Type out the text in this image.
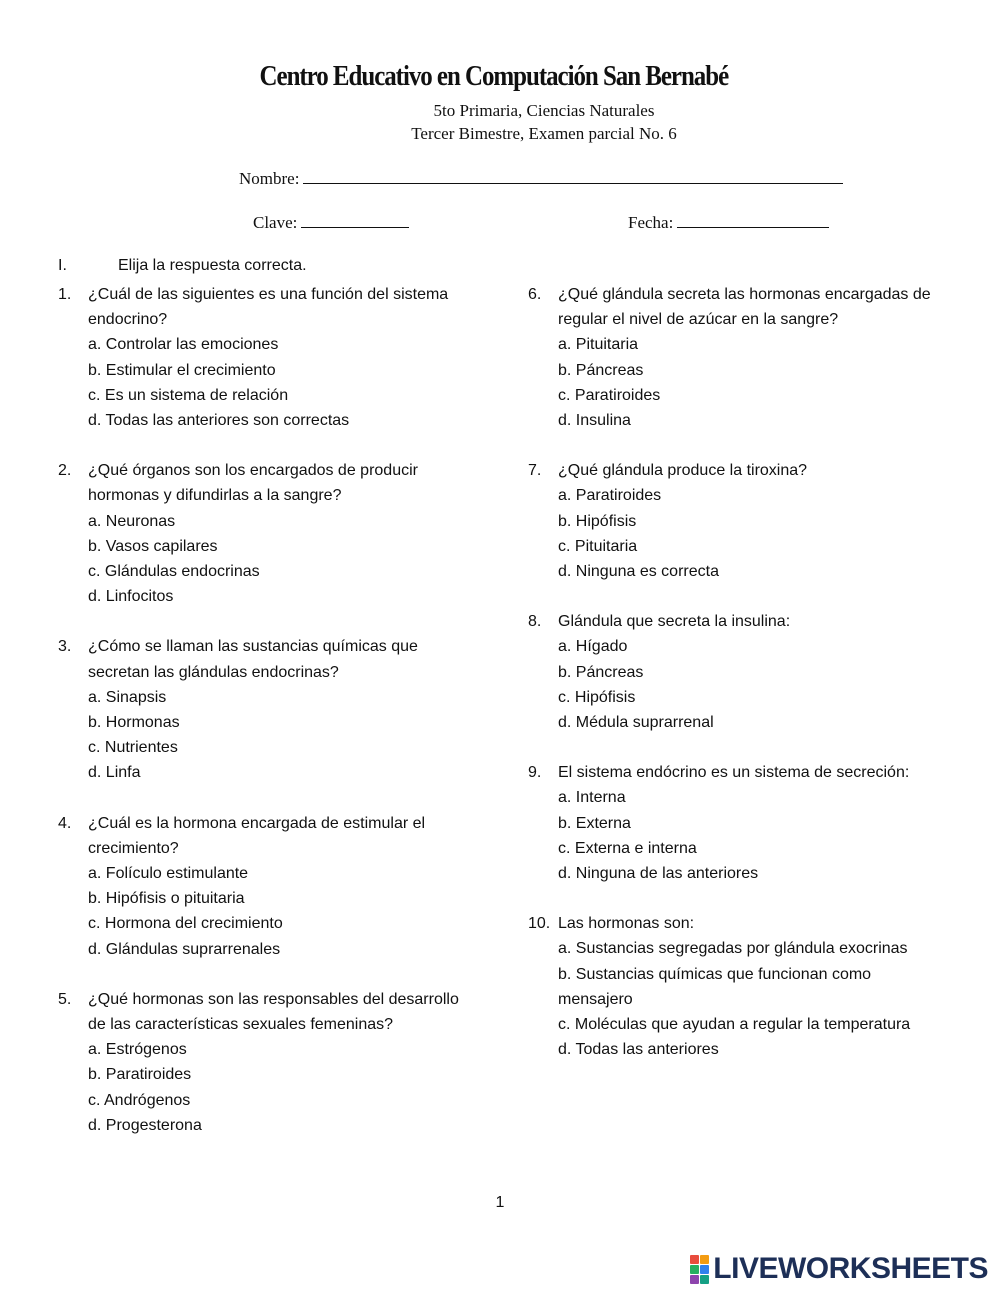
Centro Educativo en Computación San Bernabé
5to Primaria, Ciencias Naturales
Tercer Bimestre, Examen parcial No. 6
Nombre:
Clave:	Fecha:
I.	Elija la respuesta correcta.
1. ¿Cuál de las siguientes es una función del sistema
endocrino?
a. Controlar las emociones
b. Estimular el crecimiento
c. Es un sistema de relación
d. Todas las anteriores son correctas
2. ¿Qué órganos son los encargados de producir
hormonas y difundirlas a la sangre?
a. Neuronas
b. Vasos capilares
c. Glándulas endocrinas
d. Linfocitos
3. ¿Cómo se llaman las sustancias químicas que
secretan las glándulas endocrinas?
a. Sinapsis
b. Hormonas
c. Nutrientes
d. Linfa
4. ¿Cuál es la hormona encargada de estimular el
crecimiento?
a. Folículo estimulante
b. Hipófisis o pituitaria
c. Hormona del crecimiento
d. Glándulas suprarrenales
5. ¿Qué hormonas son las responsables del desarrollo
de las características sexuales femeninas?
a. Estrógenos
b. Paratiroides
c. Andrógenos
d. Progesterona
6. ¿Qué glándula secreta las hormonas encargadas de
regular el nivel de azúcar en la sangre?
a. Pituitaria
b. Páncreas
c. Paratiroides
d. Insulina
7. ¿Qué glándula produce la tiroxina?
a. Paratiroides
b. Hipófisis
c. Pituitaria
d. Ninguna es correcta
8. Glándula que secreta la insulina:
a. Hígado
b. Páncreas
c. Hipófisis
d. Médula suprarrenal
9. El sistema endócrino es un sistema de secreción:
a. Interna
b. Externa
c. Externa e interna
d. Ninguna de las anteriores
10. Las hormonas son:
a. Sustancias segregadas por glándula exocrinas
b. Sustancias químicas que funcionan como
mensajero
c. Moléculas que ayudan a regular la temperatura
d. Todas las anteriores
1
LIVEWORKSHEETS
